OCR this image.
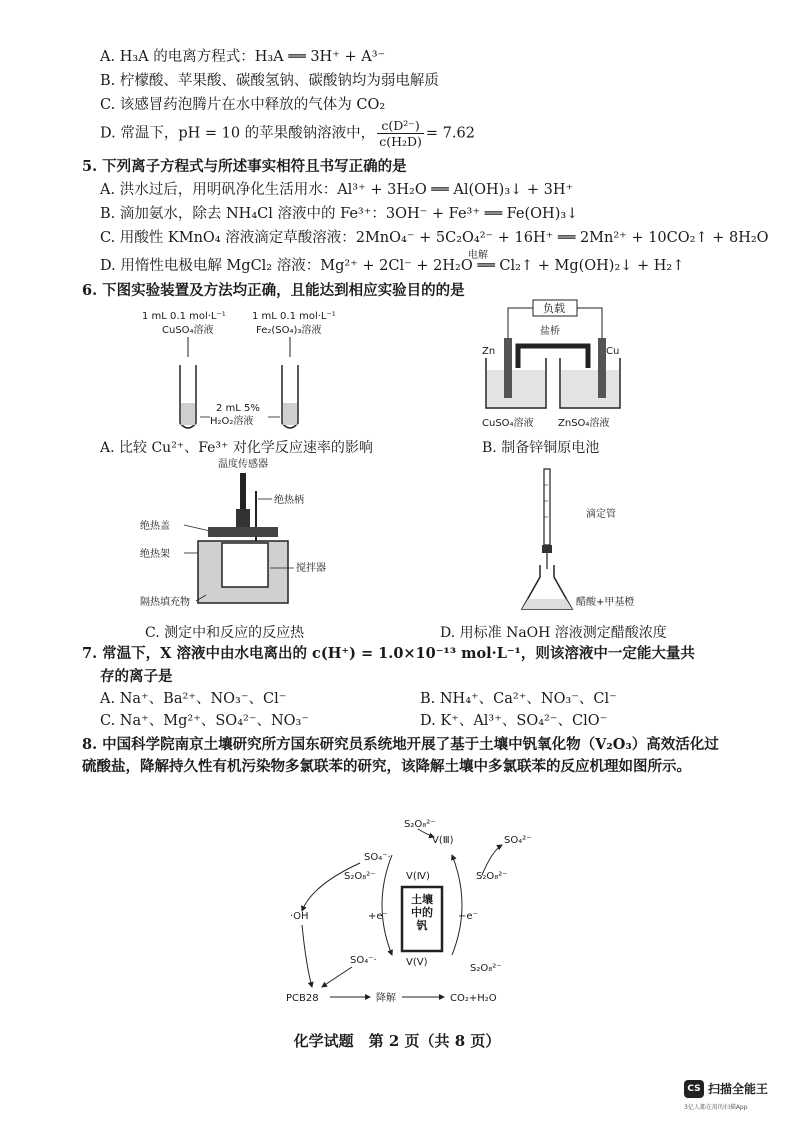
A. H₃A 的电离方程式：H₃A ══ 3H⁺ + A³⁻
B. 柠檬酸、苹果酸、碳酸氢钠、碳酸钠均为弱电解质
C. 该感冒药泡腾片在水中释放的气体为 CO₂
D. 常温下，pH = 10 的苹果酸钠溶液中， $\frac{\text{c(D²⁻)}}{\text{c(H₂D)}} = 7.62$
5. 下列离子方程式与所述事实相符且书写正确的是
A. 洪水过后，用明矾净化生活用水：Al³⁺ + 3H₂O ══ Al(OH)₃↓ + 3H⁺
B. 滴加氨水，除去 NH₄Cl 溶液中的 Fe³⁺：3OH⁻ + Fe³⁺ ══ Fe(OH)₃↓
C. 用酸性 KMnO₄ 溶液滴定草酸溶液：2MnO₄⁻ + 5C₂O₄²⁻ + 16H⁺ ══ 2Mn²⁺ + 10CO₂↑ + 8H₂O
电解
D. 用惰性电极电解 MgCl₂ 溶液：Mg²⁺ + 2Cl⁻ + 2H₂O ══ Cl₂↑ + Mg(OH)₂↓ + H₂↑
6. 下图实验装置及方法均正确，且能达到相应实验目的的是
1 mL 0.1 mol·L⁻¹
CuSO₄溶液
1 mL 0.1 mol·L⁻¹
Fe₂(SO₄)₃溶液
2 mL 5%
H₂O₂溶液
A. 比较 Cu²⁺、Fe³⁺ 对化学反应速率的影响
负载
盐桥
Zn	Cu
CuSO₄溶液 ZnSO₄溶液
B. 制备锌铜原电池
温度传感器
绝热柄
绝热盖
绝热架
搅拌器
隔热填充物
C. 测定中和反应的反应热
滴定管
醋酸+甲基橙
D. 用标准 NaOH 溶液测定醋酸浓度
7. 常温下，X 溶液中由水电离出的 c(H⁺) = 1.0×10⁻¹³ mol·L⁻¹，则该溶液中一定能大量共
存的离子是
A. Na⁺、Ba²⁺、NO₃⁻、Cl⁻	B. NH₄⁺、Ca²⁺、NO₃⁻、Cl⁻
C. Na⁺、Mg²⁺、SO₄²⁻、NO₃⁻	D. K⁺、Al³⁺、SO₄²⁻、ClO⁻
8. 中国科学院南京土壤研究所方国东研究员系统地开展了基于土壤中钒氧化物（V₂O₃）高效活化过硫酸盐，降解持久性有机污染物多氯联苯的研究，该降解土壤中多氯联苯的反应机理如图所示。
S₂O₈²⁻
V(Ⅲ)	SO₄²⁻
SO₄⁻·
S₂O₈²⁻	V(Ⅳ)	S₂O₈²⁻
土壤中的钒
·OH	+e⁻	−e⁻
V(Ⅴ)
SO₄⁻·
S₂O₈²⁻
PCB28	降解	CO₂+H₂O
化学试题　第 2 页（共 8 页）
CS 扫描全能王
3亿人都在用的扫描App
